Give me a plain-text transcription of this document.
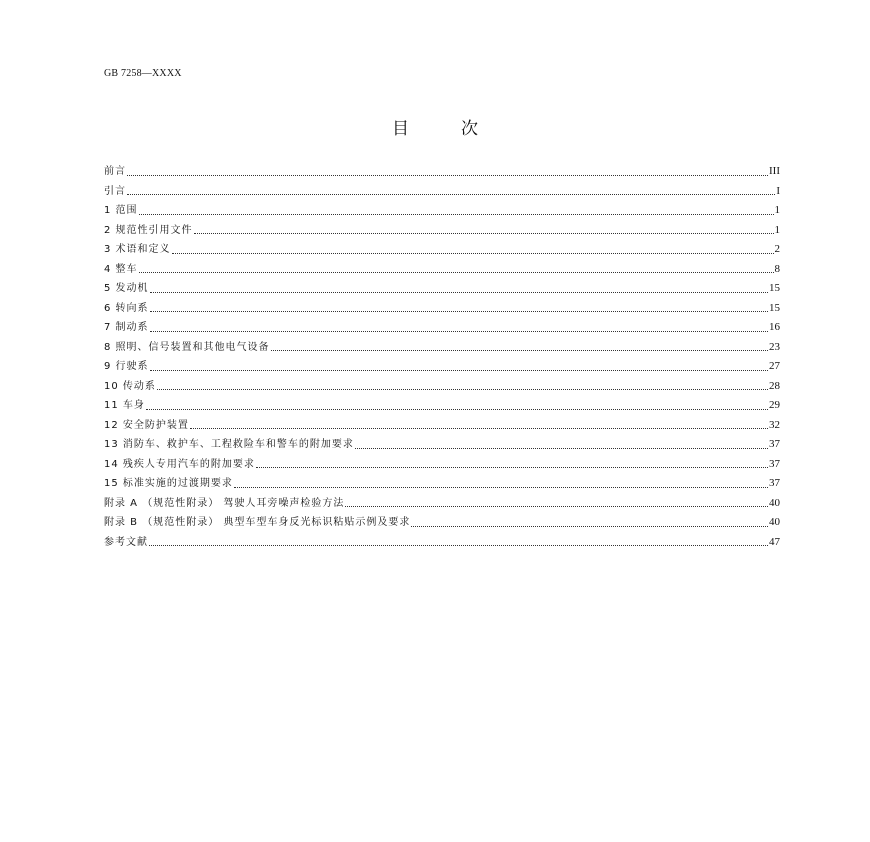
GB 7258—XXXX
目	次
前言	III
引言	I
1 范围	1
2 规范性引用文件	1
3 术语和定义	2
4 整车	8
5 发动机	15
6 转向系	15
7 制动系	16
8 照明、信号装置和其他电气设备	23
9 行驶系	27
10 传动系	28
11 车身	29
12 安全防护装置	32
13 消防车、救护车、工程救险车和警车的附加要求	37
14 残疾人专用汽车的附加要求	37
15 标准实施的过渡期要求	37
附录 A （规范性附录） 驾驶人耳旁噪声检验方法	40
附录 B （规范性附录） 典型车型车身反光标识粘贴示例及要求	40
参考文献	47
